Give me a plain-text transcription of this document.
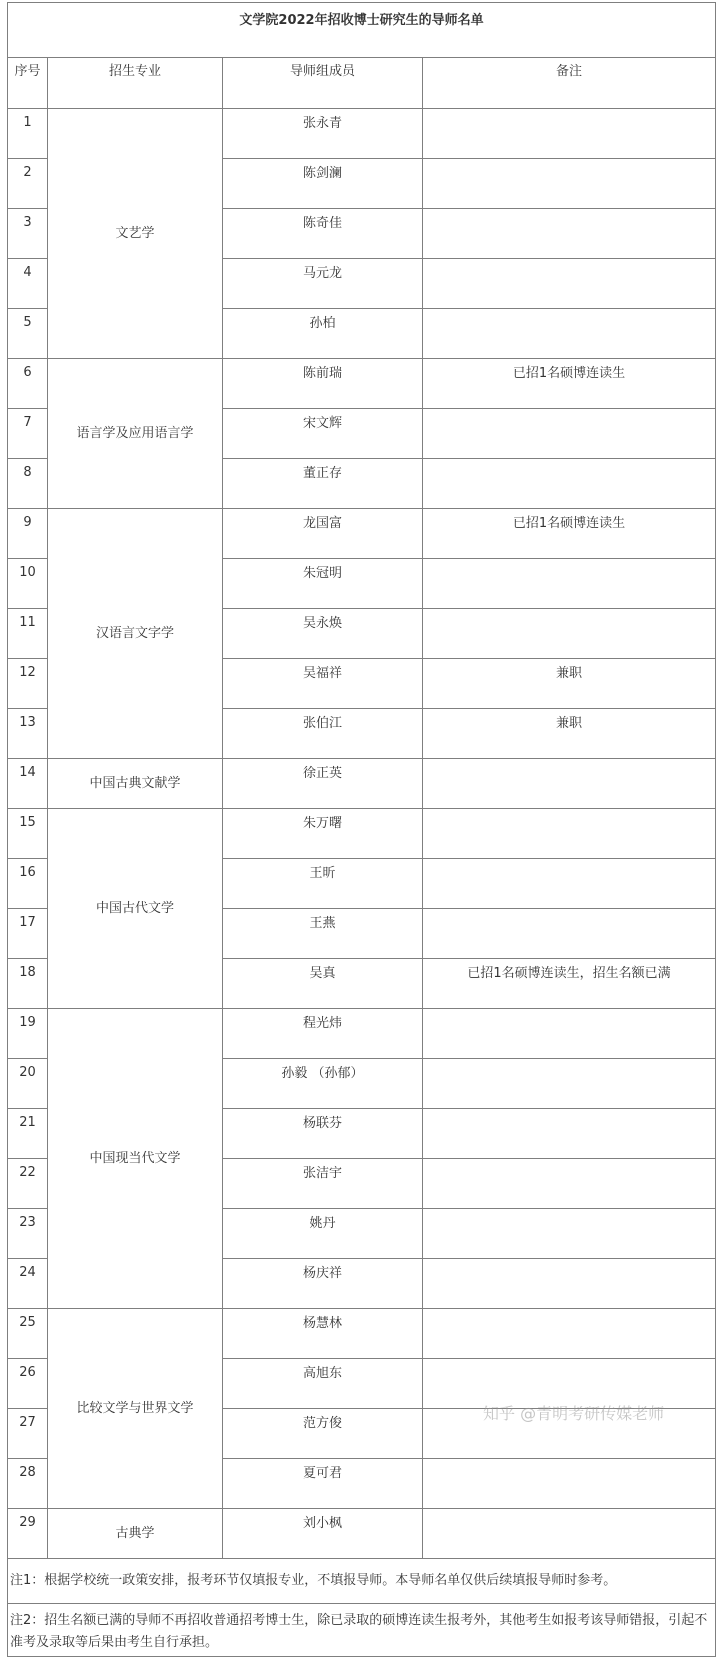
文学院2022年招收博士研究生的导师名单			
序号	招生专业	导师组成员	备注
1	文艺学	张永青	
2		陈剑澜	
3		陈奇佳	
4		马元龙	
5		孙柏	
6	语言学及应用语言学	陈前瑞	已招1名硕博连读生
7		宋文辉	
8		董正存	
9	汉语言文字学	龙国富	已招1名硕博连读生
10		朱冠明	
11		吴永焕	
12		吴福祥	兼职
13		张伯江	兼职
14	中国古典文献学	徐正英	
15	中国古代文学	朱万曙	
16		王昕	
17		王燕	
18		吴真	已招1名硕博连读生，招生名额已满
19	中国现当代文学	程光炜	
20		孙毅 （孙郁）	
21		杨联芬	
22		张洁宇	
23		姚丹	
24		杨庆祥	
25	比较文学与世界文学	杨慧林	
26		高旭东	
27		范方俊	
28		夏可君	
29	古典学	刘小枫	
注1：根据学校统一政策安排，报考环节仅填报专业，不填报导师。本导师名单仅供后续填报导师时参考。			
注2：招生名额已满的导师不再招收普通招考博士生，除已录取的硕博连读生报考外，其他考生如报考该导师错报，引起不准考及录取等后果由考生自行承担。			
知乎 @青明考研传媒老师
